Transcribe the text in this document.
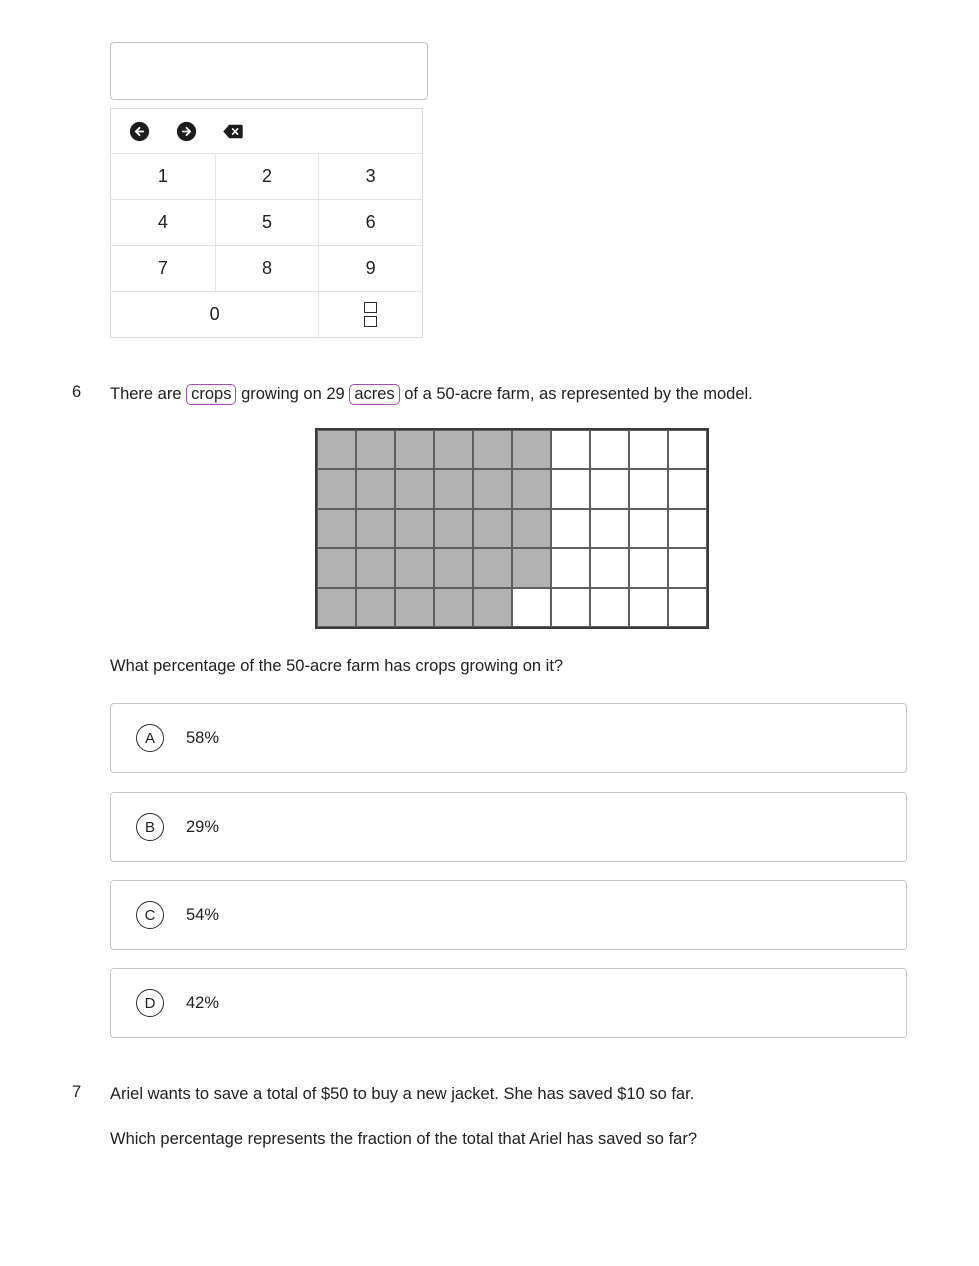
1	2	3
4	5	6
7	8	9
0
6 There are crops growing on 29 acres of a 50-acre farm, as represented by the model.
What percentage of the 50-acre farm has crops growing on it?
A	58%
B	29%
C	54%
D	42%
7 Ariel wants to save a total of $50 to buy a new jacket. She has saved $10 so far.
Which percentage represents the fraction of the total that Ariel has saved so far?
